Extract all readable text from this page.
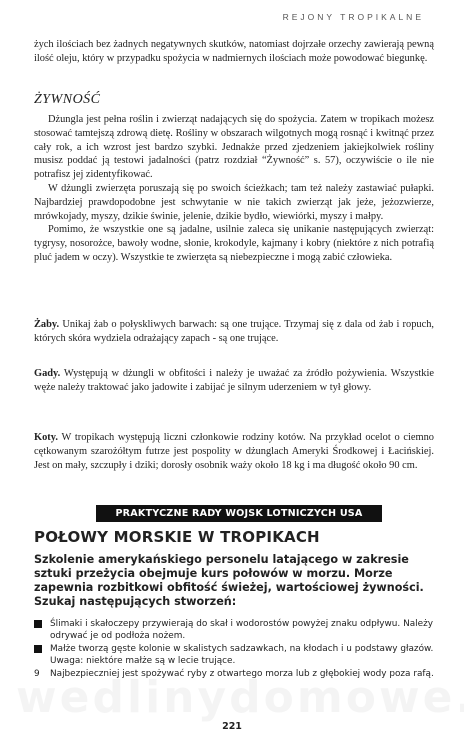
REJONY TROPIKALNE

żych ilościach bez żadnych negatywnych skutków, natomiast dojrzałe orzechy zawierają pewną ilość oleju, który w przypadku spożycia w nadmiernych ilościach może powodować biegunkę.

ŻYWNOŚĆ

Dżungla jest pełna roślin i zwierząt nadających się do spożycia. Zatem w tropikach możesz stosować tamtejszą zdrową dietę. Rośliny w obszarach wilgotnych mogą rosnąć i kwitnąć przez cały rok, a ich wzrost jest bardzo szybki. Jednakże przed zjedzeniem jakiejkolwiek rośliny musisz poddać ją testowi jadalności (patrz rozdział “Żywność” s. 57), oczywiście o ile nie potrafisz jej zidentyfikować.

W dżungli zwierzęta poruszają się po swoich ścieżkach; tam też należy zastawiać pułapki. Najbardziej prawdopodobne jest schwytanie w nie takich zwierząt jak jeże, jeżozwierze, mrówkojady, myszy, dzikie świnie, jelenie, dzikie bydło, wiewiórki, myszy i małpy.

Pomimo, że wszystkie one są jadalne, usilnie zaleca się unikanie następujących zwierząt: tygrysy, nosorożce, bawoły wodne, słonie, krokodyle, kajmany i kobry (niektóre z nich potrafią pluć jadem w oczy). Wszystkie te zwierzęta są niebezpieczne i mogą zabić człowieka.

Żaby. Unikaj żab o połyskliwych barwach: są one trujące. Trzymaj się z dala od żab i ropuch, których skóra wydziela odrażający zapach - są one trujące.
Gady. Występują w dżungli w obfitości i należy je uważać za źródło pożywienia. Wszystkie węże należy traktować jako jadowite i zabijać je silnym uderzeniem w tył głowy.
Koty. W tropikach występują liczni członkowie rodziny kotów. Na przykład ocelot o ciemno cętkowanym szarożółtym futrze jest pospolity w dżunglach Ameryki Środkowej i Łacińskiej. Jest on mały, szczupły i dziki; dorosły osobnik waży około 18 kg i ma długość około 90 cm.
PRAKTYCZNE RADY WOJSK LOTNICZYCH USA
POŁOWY MORSKIE W TROPIKACH
Szkolenie amerykańskiego personelu latającego w zakresie sztuki przeżycia obejmuje kurs połowów w morzu. Morze zapewnia rozbitkowi obfitość świeżej, wartościowej żywności. Szukaj następujących stworzeń:
Ślimaki i skałoczepy przywierają do skał i wodorostów powyżej znaku odpływu. Należy odrywać je od podłoża nożem.
Małże tworzą gęste kolonie w skalistych sadzawkach, na kłodach i u podstawy głazów. Uwaga: niektóre małże są w lecie trujące.
9	Najbezpieczniej jest spożywać ryby z otwartego morza lub z głębokiej wody poza rafą.
221
